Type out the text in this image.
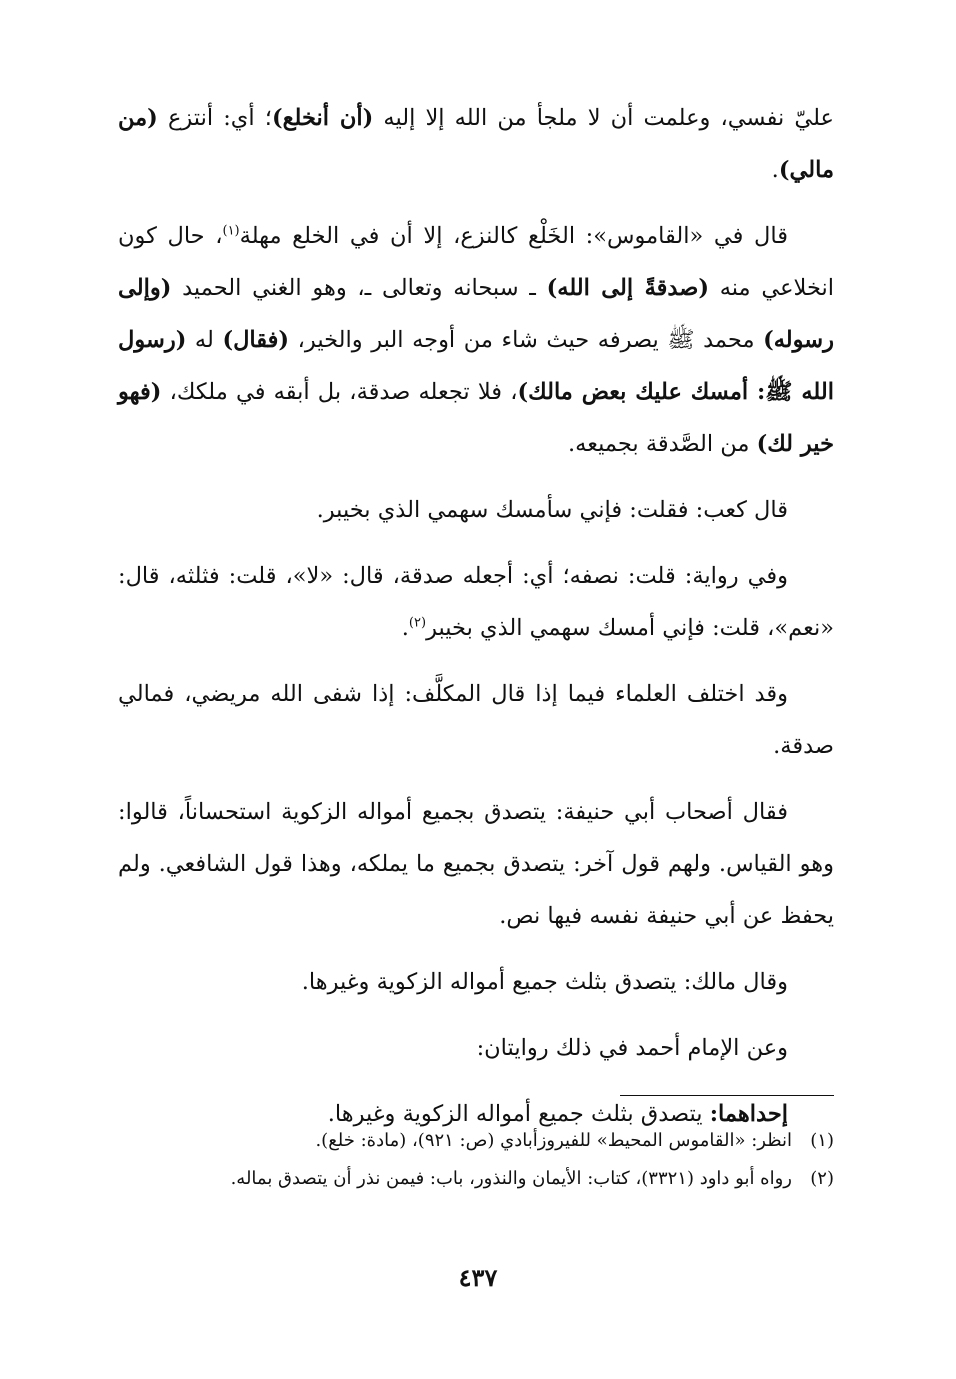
عليّ نفسي، وعلمت أن لا ملجأ من الله إلا إليه (أن أنخلع)؛ أي: أنتزع (من مالي).

قال في «القاموس»: الخَلْع كالنزع، إلا أن في الخلع مهلة$^{(١)}$، حال كون انخلاعي منه (صدقةً إلى الله) ـ سبحانه وتعالى ـ، وهو الغني الحميد (وإلى رسوله) محمد ﷺ يصرفه حيث شاء من أوجه البر والخير، (فقال) له (رسول الله ﷺ: أمسك عليك بعض مالك)، فلا تجعله صدقة، بل أبقه في ملكك، (فهو خير لك) من الصَّدقة بجميعه.

قال كعب: فقلت: فإني سأمسك سهمي الذي بخيبر.

وفي رواية: قلت: نصفه؛ أي: أجعله صدقة، قال: «لا»، قلت: فثلثه، قال: «نعم»، قلت: فإني أمسك سهمي الذي بخيبر$^{(٢)}$.

وقد اختلف العلماء فيما إذا قال المكلَّف: إذا شفى الله مريضي، فمالي صدقة.

فقال أصحاب أبي حنيفة: يتصدق بجميع أمواله الزكوية استحساناً، قالوا: وهو القياس. ولهم قول آخر: يتصدق بجميع ما يملكه، وهذا قول الشافعي. ولم يحفظ عن أبي حنيفة نفسه فيها نص.

وقال مالك: يتصدق بثلث جميع أمواله الزكوية وغيرها.

وعن الإمام أحمد في ذلك روايتان:

إحداهما: يتصدق بثلث جميع أمواله الزكوية وغيرها.

(١)
انظر: «القاموس المحيط» للفيروزأبادي (ص: ٩٢١)، (مادة: خلع).
(٢)
رواه أبو داود (٣٣٢١)، كتاب: الأيمان والنذور، باب: فيمن نذر أن يتصدق بماله.
٤٣٧
